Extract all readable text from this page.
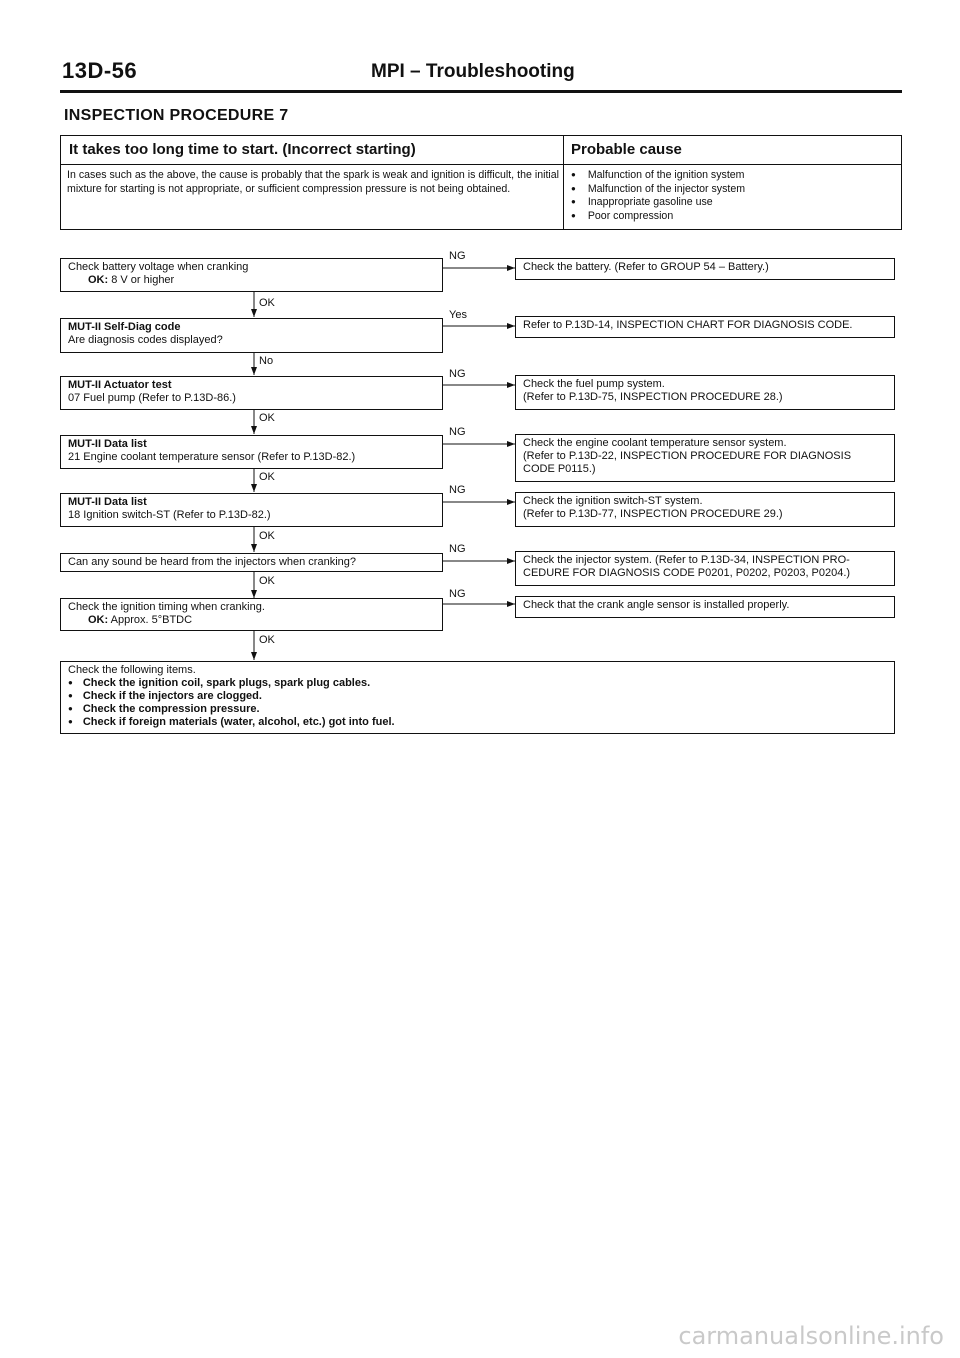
13D-56	MPI – Troubleshooting
INSPECTION PROCEDURE 7
It takes too long time to start. (Incorrect starting)	Probable cause
In cases such as the above, the cause is probably that the spark is weak and ignition is difficult, the initial mixture for starting is not appropriate, or sufficient compression pressure is not being obtained.
● Malfunction of the ignition system
● Malfunction of the injector system
● Inappropriate gasoline use
● Poor compression
Check battery voltage when cranking
OK: 8 V or higher
NG
Check the battery. (Refer to GROUP 54 – Battery.)
OK
MUT-II Self-Diag code
Are diagnosis codes displayed?
Yes
Refer to P.13D-14, INSPECTION CHART FOR DIAGNOSIS CODE.
No
MUT-II Actuator test
07 Fuel pump (Refer to P.13D-86.)
NG
Check the fuel pump system.
(Refer to P.13D-75, INSPECTION PROCEDURE 28.)
OK
MUT-II Data list
21 Engine coolant temperature sensor (Refer to P.13D-82.)
NG
Check the engine coolant temperature sensor system.
(Refer to P.13D-22, INSPECTION PROCEDURE FOR DIAGNOSIS
CODE P0115.)
OK
MUT-II Data list
18 Ignition switch-ST (Refer to P.13D-82.)
NG
Check the ignition switch-ST system.
(Refer to P.13D-77, INSPECTION PROCEDURE 29.)
OK
Can any sound be heard from the injectors when cranking?
NG
Check the injector system. (Refer to P.13D-34, INSPECTION PRO-
CEDURE FOR DIAGNOSIS CODE P0201, P0202, P0203, P0204.)
OK
Check the ignition timing when cranking.
OK: Approx. 5°BTDC
NG
Check that the crank angle sensor is installed properly.
OK
Check the following items.
● Check the ignition coil, spark plugs, spark plug cables.
● Check if the injectors are clogged.
● Check the compression pressure.
● Check if foreign materials (water, alcohol, etc.) got into fuel.
carmanualsonline.info
